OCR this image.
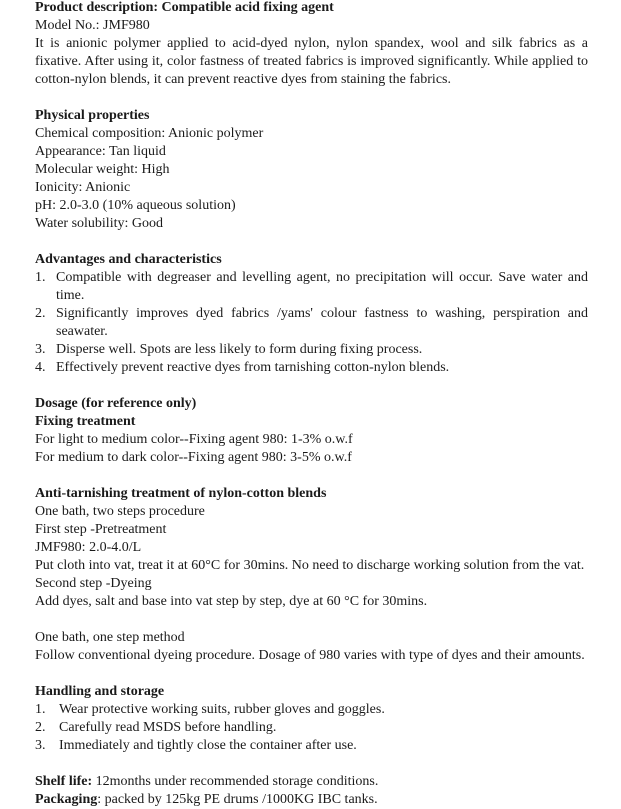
Product description: Compatible acid fixing agent
Model No.: JMF980
It is anionic polymer applied to acid-dyed nylon, nylon spandex, wool and silk fabrics as a fixative. After using it, color fastness of treated fabrics is improved significantly. While applied to cotton-nylon blends, it can prevent reactive dyes from staining the fabrics.
Physical properties
Chemical composition: Anionic polymer
Appearance: Tan liquid
Molecular weight: High
Ionicity: Anionic
pH: 2.0-3.0 (10% aqueous solution)
Water solubility: Good
Advantages and characteristics
1. Compatible with degreaser and levelling agent, no precipitation will occur. Save water and time.
2. Significantly improves dyed fabrics /yams' colour fastness to washing, perspiration and seawater.
3. Disperse well. Spots are less likely to form during fixing process.
4. Effectively prevent reactive dyes from tarnishing cotton-nylon blends.
Dosage (for reference only)
Fixing treatment
For light to medium color--Fixing agent 980: 1-3% o.w.f
For medium to dark color--Fixing agent 980: 3-5% o.w.f
Anti-tarnishing treatment of nylon-cotton blends
One bath, two steps procedure
First step -Pretreatment
JMF980: 2.0-4.0/L
Put cloth into vat, treat it at 60°C for 30mins. No need to discharge working solution from the vat.
Second step -Dyeing
Add dyes, salt and base into vat step by step, dye at 60 °C for 30mins.
One bath, one step method
Follow conventional dyeing procedure. Dosage of 980 varies with type of dyes and their amounts.
Handling and storage
1. Wear protective working suits, rubber gloves and goggles.
2. Carefully read MSDS before handling.
3. Immediately and tightly close the container after use.
Shelf life: 12months under recommended storage conditions.
Packaging: packed by 125kg PE drums /1000KG IBC tanks.
